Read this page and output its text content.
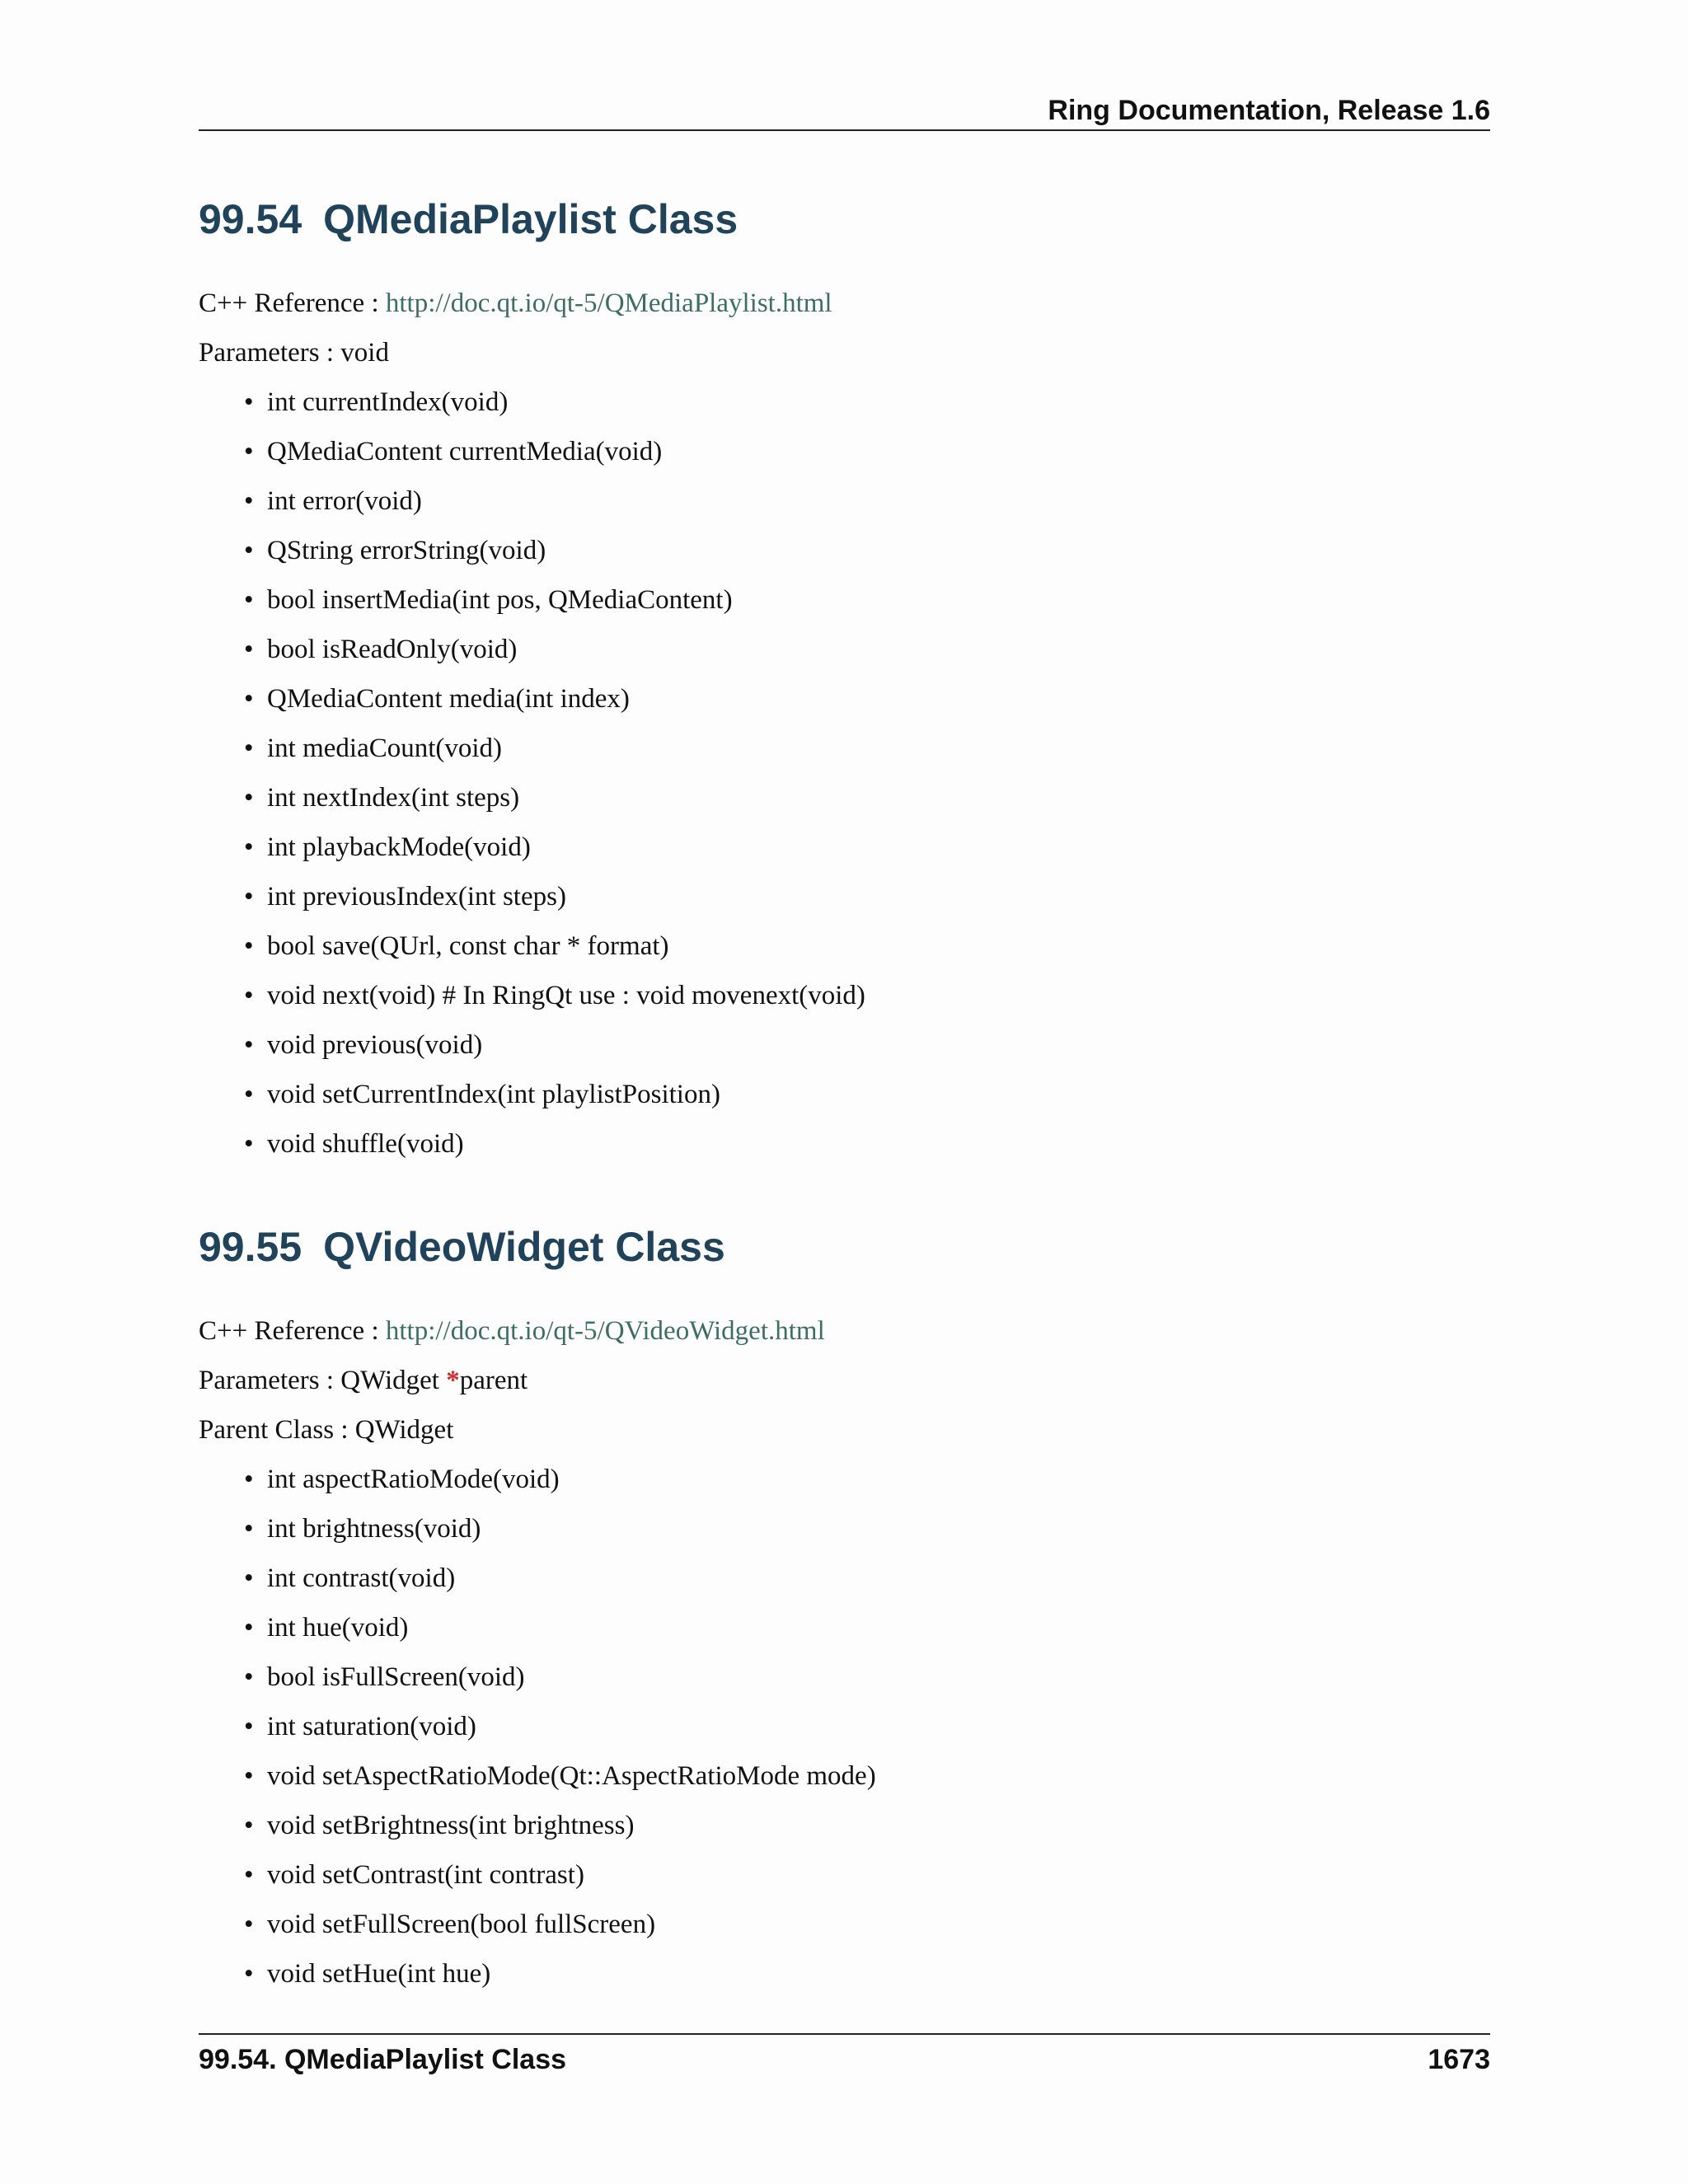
Ring Documentation, Release 1.6
99.54 QMediaPlaylist Class

C++ Reference : http://doc.qt.io/qt-5/QMediaPlaylist.html

Parameters : void

• int currentIndex(void)
• QMediaContent currentMedia(void)
• int error(void)
• QString errorString(void)
• bool insertMedia(int pos, QMediaContent)
• bool isReadOnly(void)
• QMediaContent media(int index)
• int mediaCount(void)
• int nextIndex(int steps)
• int playbackMode(void)
• int previousIndex(int steps)
• bool save(QUrl, const char * format)
• void next(void) # In RingQt use : void movenext(void)
• void previous(void)
• void setCurrentIndex(int playlistPosition)
• void shuffle(void)
99.55 QVideoWidget Class

C++ Reference : http://doc.qt.io/qt-5/QVideoWidget.html

Parameters : QWidget *parent

Parent Class : QWidget

• int aspectRatioMode(void)
• int brightness(void)
• int contrast(void)
• int hue(void)
• bool isFullScreen(void)
• int saturation(void)
• void setAspectRatioMode(Qt::AspectRatioMode mode)
• void setBrightness(int brightness)
• void setContrast(int contrast)
• void setFullScreen(bool fullScreen)
• void setHue(int hue)
99.54. QMediaPlaylist Class	1673
